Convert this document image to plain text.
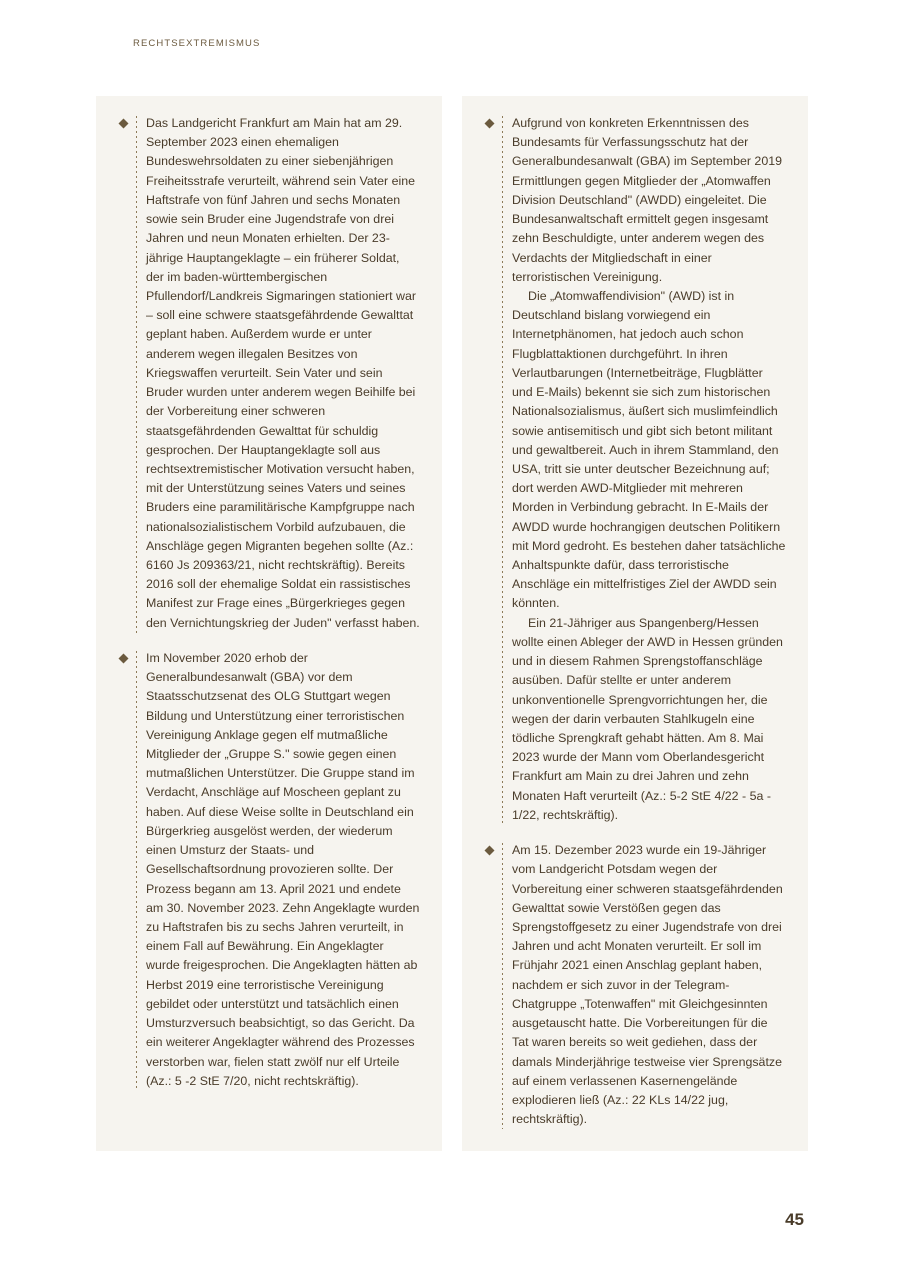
RECHTSEXTREMISMUS

Das Landgericht Frankfurt am Main hat am 29. September 2023 einen ehemaligen Bundeswehrsoldaten zu einer siebenjährigen Freiheitsstrafe verurteilt, während sein Vater eine Haftstrafe von fünf Jahren und sechs Monaten sowie sein Bruder eine Jugendstrafe von drei Jahren und neun Monaten erhielten. Der 23-jährige Hauptangeklagte – ein früherer Soldat, der im baden-württembergischen Pfullendorf/Landkreis Sigmaringen stationiert war – soll eine schwere staatsgefährdende Gewalttat geplant haben. Außerdem wurde er unter anderem wegen illegalen Besitzes von Kriegswaffen verurteilt. Sein Vater und sein Bruder wurden unter anderem wegen Beihilfe bei der Vorbereitung einer schweren staatsgefährdenden Gewalttat für schuldig gesprochen. Der Hauptangeklagte soll aus rechtsextremistischer Motivation versucht haben, mit der Unterstützung seines Vaters und seines Bruders eine paramilitärische Kampfgruppe nach nationalsozialistischem Vorbild aufzubauen, die Anschläge gegen Migranten begehen sollte (Az.: 6160 Js 209363/21, nicht rechtskräftig). Bereits 2016 soll der ehemalige Soldat ein rassistisches Manifest zur Frage eines „Bürgerkrieges gegen den Vernichtungskrieg der Juden" verfasst haben.

Im November 2020 erhob der Generalbundesanwalt (GBA) vor dem Staatsschutzsenat des OLG Stuttgart wegen Bildung und Unterstützung einer terroristischen Vereinigung Anklage gegen elf mutmaßliche Mitglieder der „Gruppe S." sowie gegen einen mutmaßlichen Unterstützer. Die Gruppe stand im Verdacht, Anschläge auf Moscheen geplant zu haben. Auf diese Weise sollte in Deutschland ein Bürgerkrieg ausgelöst werden, der wiederum einen Umsturz der Staats- und Gesellschaftsordnung provozieren sollte. Der Prozess begann am 13. April 2021 und endete am 30. November 2023. Zehn Angeklagte wurden zu Haftstrafen bis zu sechs Jahren verurteilt, in einem Fall auf Bewährung. Ein Angeklagter wurde freigesprochen. Die Angeklagten hätten ab Herbst 2019 eine terroristische Vereinigung gebildet oder unterstützt und tatsächlich einen Umsturzversuch beabsichtigt, so das Gericht. Da ein weiterer Angeklagter während des Prozesses verstorben war, fielen statt zwölf nur elf Urteile (Az.: 5 -2 StE 7/20, nicht rechtskräftig).

Aufgrund von konkreten Erkenntnissen des Bundesamts für Verfassungsschutz hat der Generalbundesanwalt (GBA) im September 2019 Ermittlungen gegen Mitglieder der „Atomwaffen Division Deutschland" (AWDD) eingeleitet. Die Bundesanwaltschaft ermittelt gegen insgesamt zehn Beschuldigte, unter anderem wegen des Verdachts der Mitgliedschaft in einer terroristischen Vereinigung.

Die „Atomwaffendivision" (AWD) ist in Deutschland bislang vorwiegend ein Internetphänomen, hat jedoch auch schon Flugblattaktionen durchgeführt. In ihren Verlautbarungen (Internetbeiträge, Flugblätter und E-Mails) bekennt sie sich zum historischen Nationalsozialismus, äußert sich muslimfeindlich sowie antisemitisch und gibt sich betont militant und gewaltbereit. Auch in ihrem Stammland, den USA, tritt sie unter deutscher Bezeichnung auf; dort werden AWD-Mitglieder mit mehreren Morden in Verbindung gebracht. In E-Mails der AWDD wurde hochrangigen deutschen Politikern mit Mord gedroht. Es bestehen daher tatsächliche Anhaltspunkte dafür, dass terroristische Anschläge ein mittelfristiges Ziel der AWDD sein könnten.

Ein 21-Jähriger aus Spangenberg/Hessen wollte einen Ableger der AWD in Hessen gründen und in diesem Rahmen Sprengstoffanschläge ausüben. Dafür stellte er unter anderem unkonventionelle Sprengvorrichtungen her, die wegen der darin verbauten Stahlkugeln eine tödliche Sprengkraft gehabt hätten. Am 8. Mai 2023 wurde der Mann vom Oberlandesgericht Frankfurt am Main zu drei Jahren und zehn Monaten Haft verurteilt (Az.: 5-2 StE 4/22 - 5a - 1/22, rechtskräftig).

Am 15. Dezember 2023 wurde ein 19-Jähriger vom Landgericht Potsdam wegen der Vorbereitung einer schweren staatsgefährdenden Gewalttat sowie Verstößen gegen das Sprengstoffgesetz zu einer Jugendstrafe von drei Jahren und acht Monaten verurteilt. Er soll im Frühjahr 2021 einen Anschlag geplant haben, nachdem er sich zuvor in der Telegram-Chatgruppe „Totenwaffen" mit Gleichgesinnten ausgetauscht hatte. Die Vorbereitungen für die Tat waren bereits so weit gediehen, dass der damals Minderjährige testweise vier Sprengsätze auf einem verlassenen Kasernengelände explodieren ließ (Az.: 22 KLs 14/22 jug, rechtskräftig).

45
